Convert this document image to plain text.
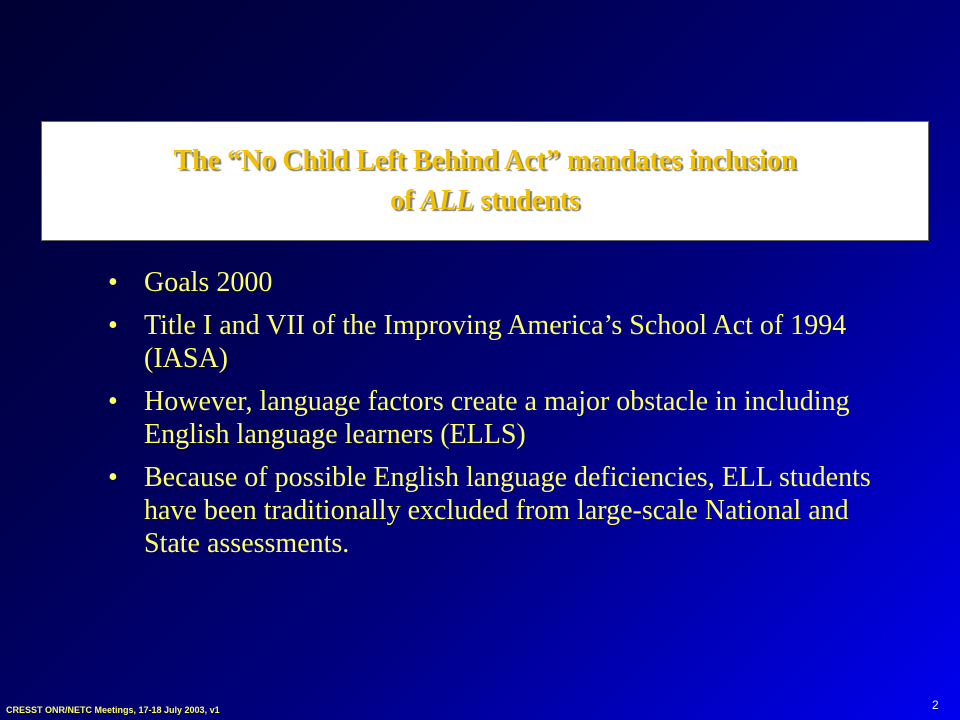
The “No Child Left Behind Act” mandates inclusion
of ALL students
• Goals 2000
• Title I and VII of the Improving America’s School Act of 1994 (IASA)
• However, language factors create a major obstacle in including English language learners (ELLS)
• Because of possible English language deficiencies, ELL students have been traditionally excluded from large-scale National and State assessments.
CRESST ONR/NETC Meetings, 17-18 July 2003, v1	2
